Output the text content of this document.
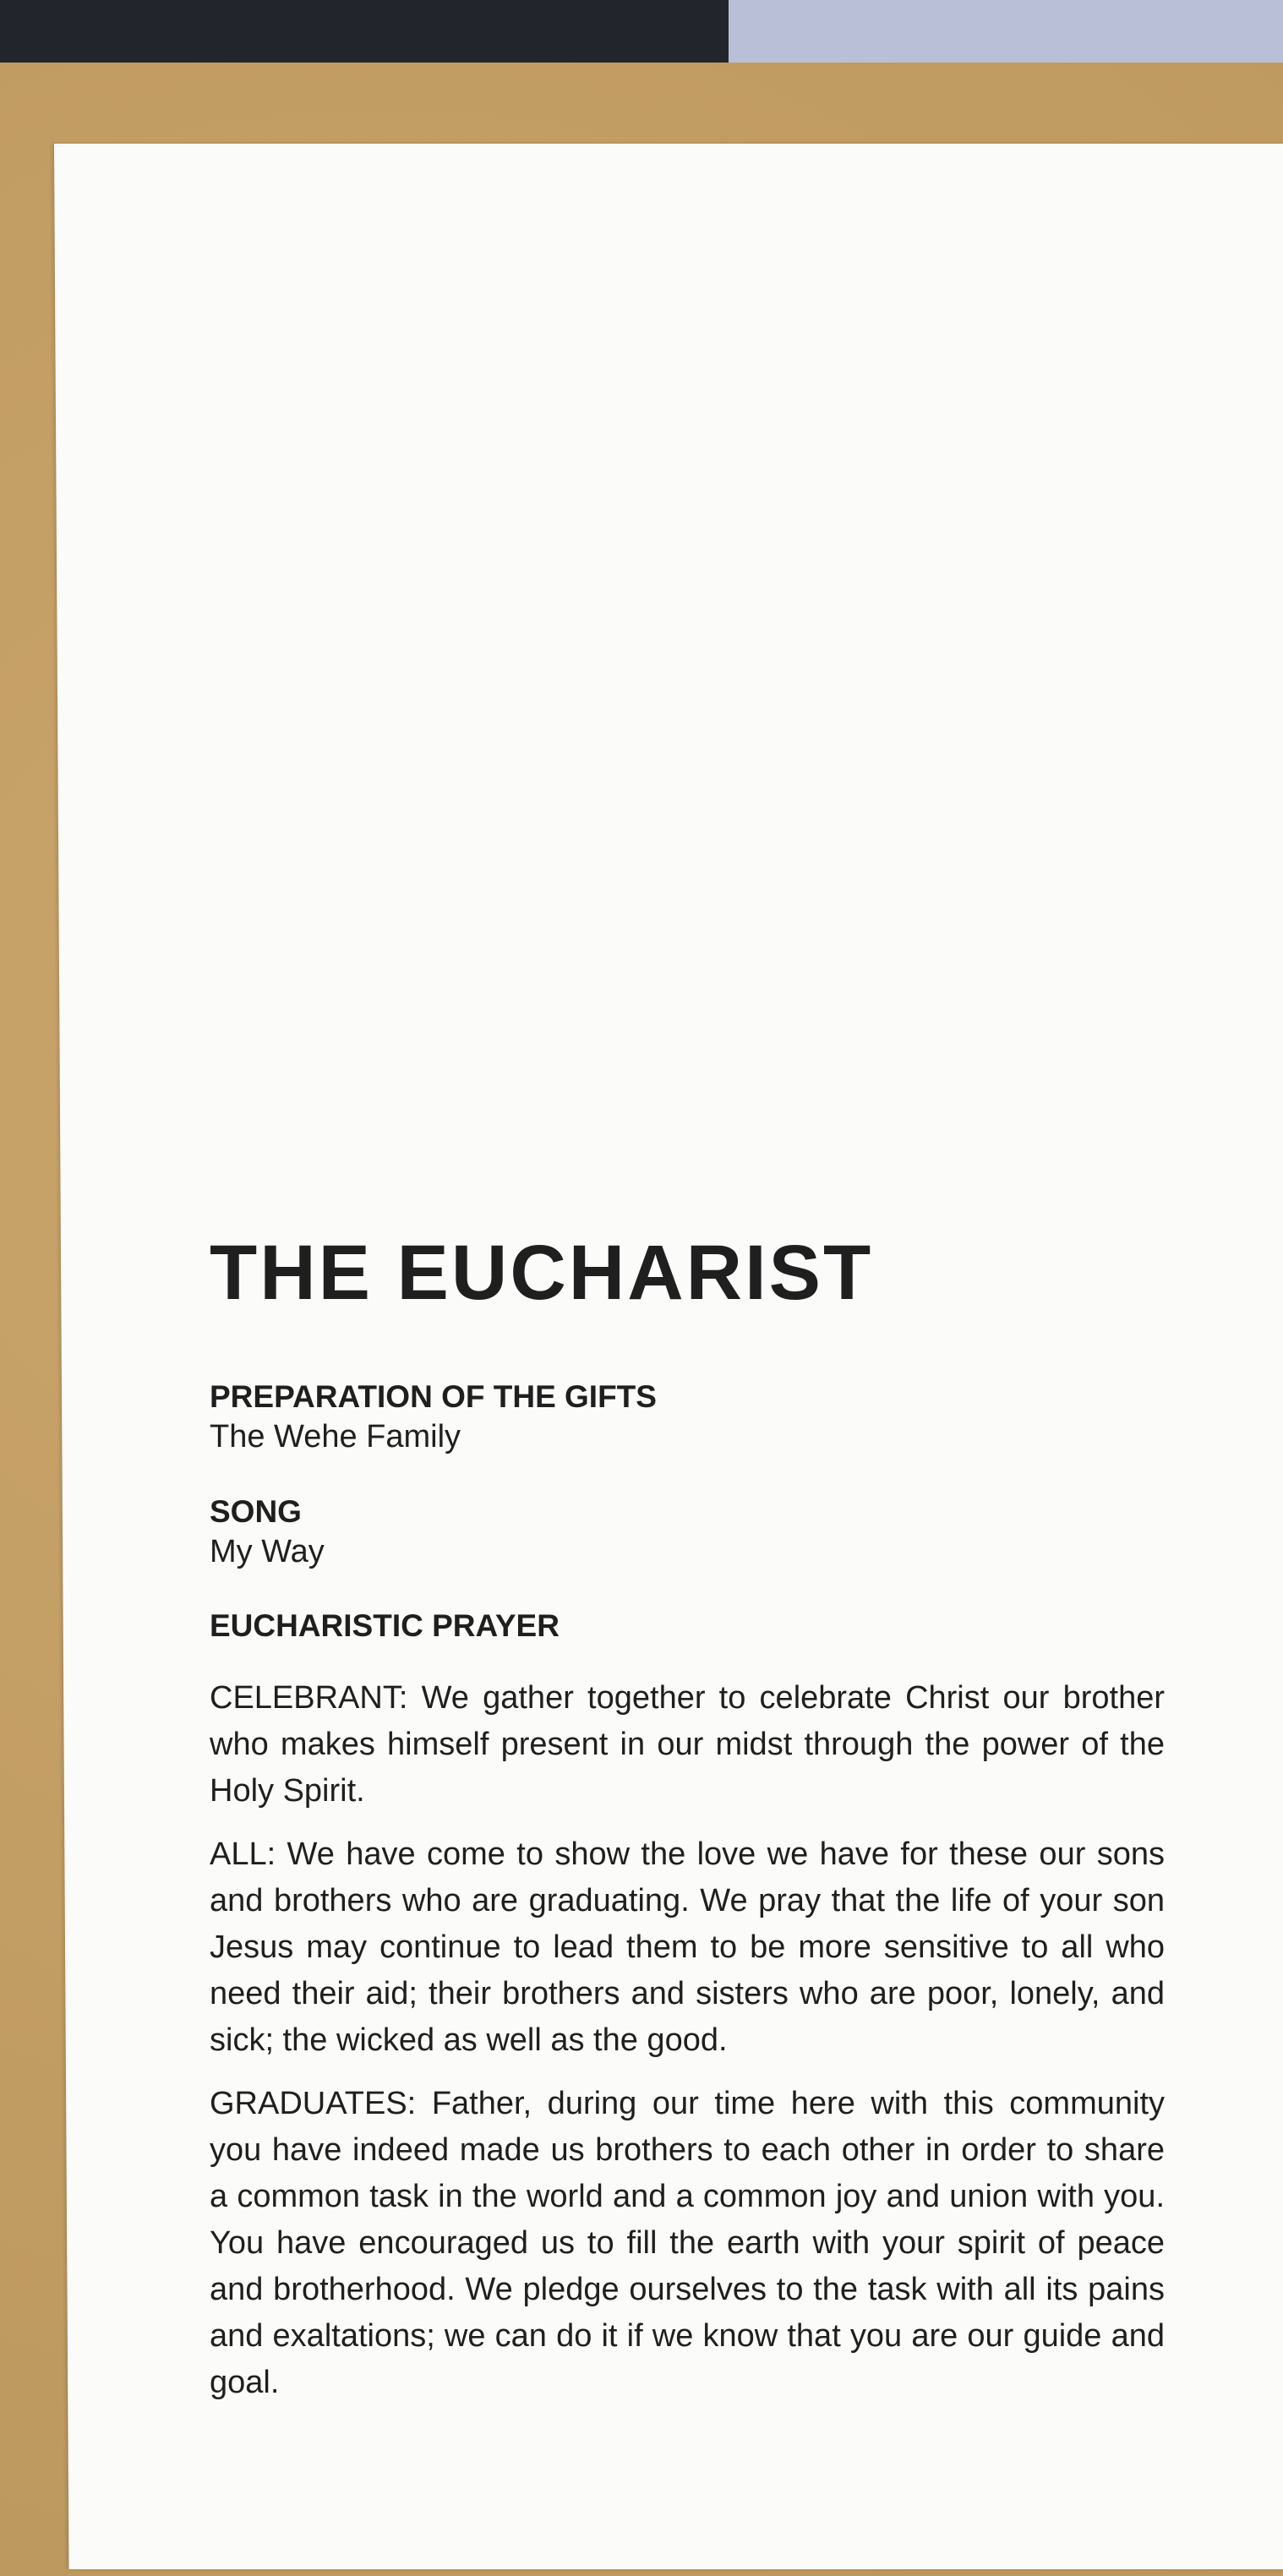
THE EUCHARIST

PREPARATION OF THE GIFTS

The Wehe Family

SONG

My Way

EUCHARISTIC PRAYER

CELEBRANT: We gather together to celebrate Christ our brother who makes himself present in our midst through the power of the Holy Spirit.

ALL: We have come to show the love we have for these our sons and brothers who are graduating. We pray that the life of your son Jesus may continue to lead them to be more sensitive to all who need their aid; their brothers and sisters who are poor, lonely, and sick; the wicked as well as the good.

GRADUATES: Father, during our time here with this community you have indeed made us brothers to each other in order to share a common task in the world and a common joy and union with you. You have encouraged us to fill the earth with your spirit of peace and brotherhood. We pledge ourselves to the task with all its pains and exaltations; we can do it if we know that you are our guide and goal.
